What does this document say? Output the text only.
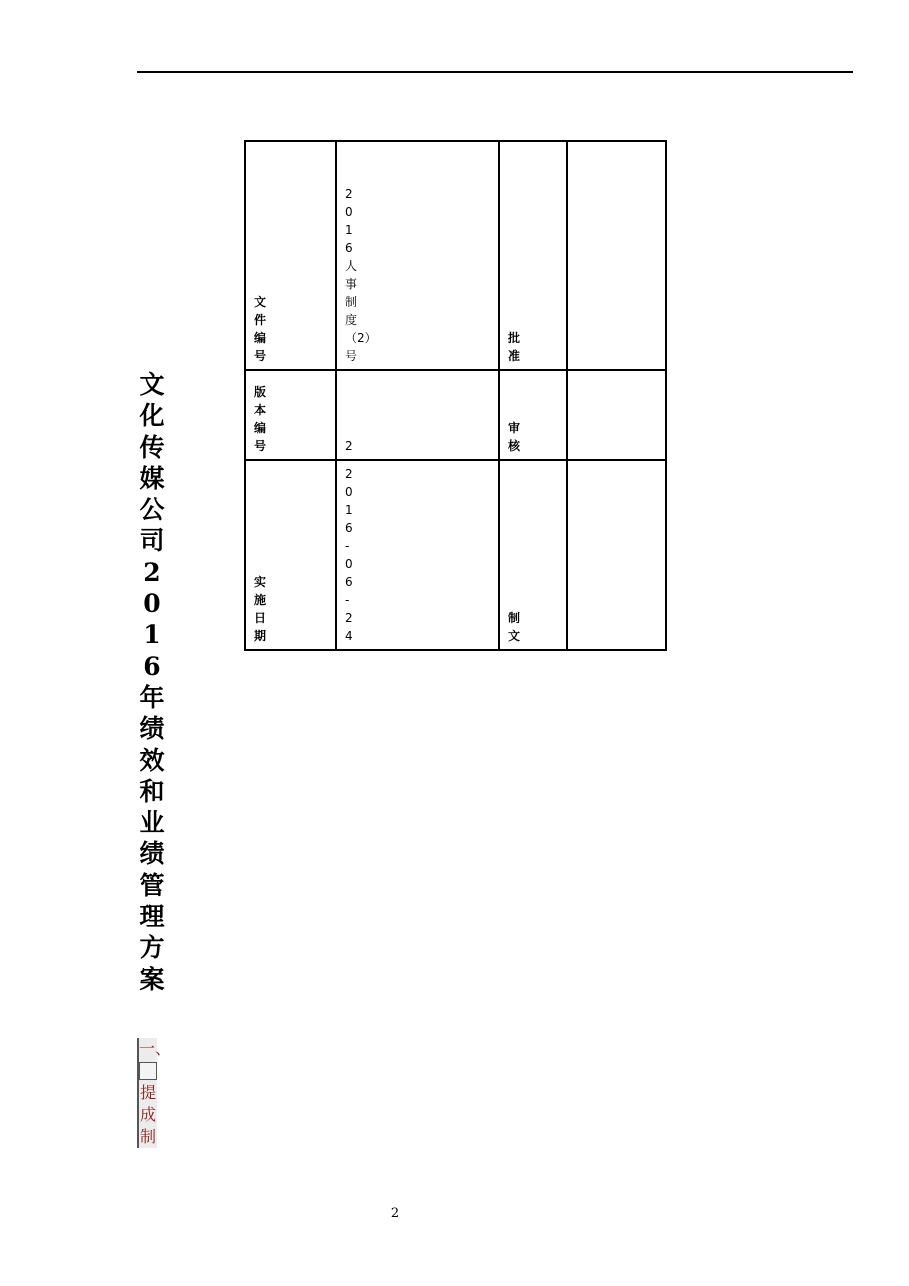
文件编号	2016人事制度（2）号	批准	

版本编号	2	审核	

实施日期	2016-06-24	制文	

文化传媒公司2016年绩效和业绩管理方案
一、
提成制
2
